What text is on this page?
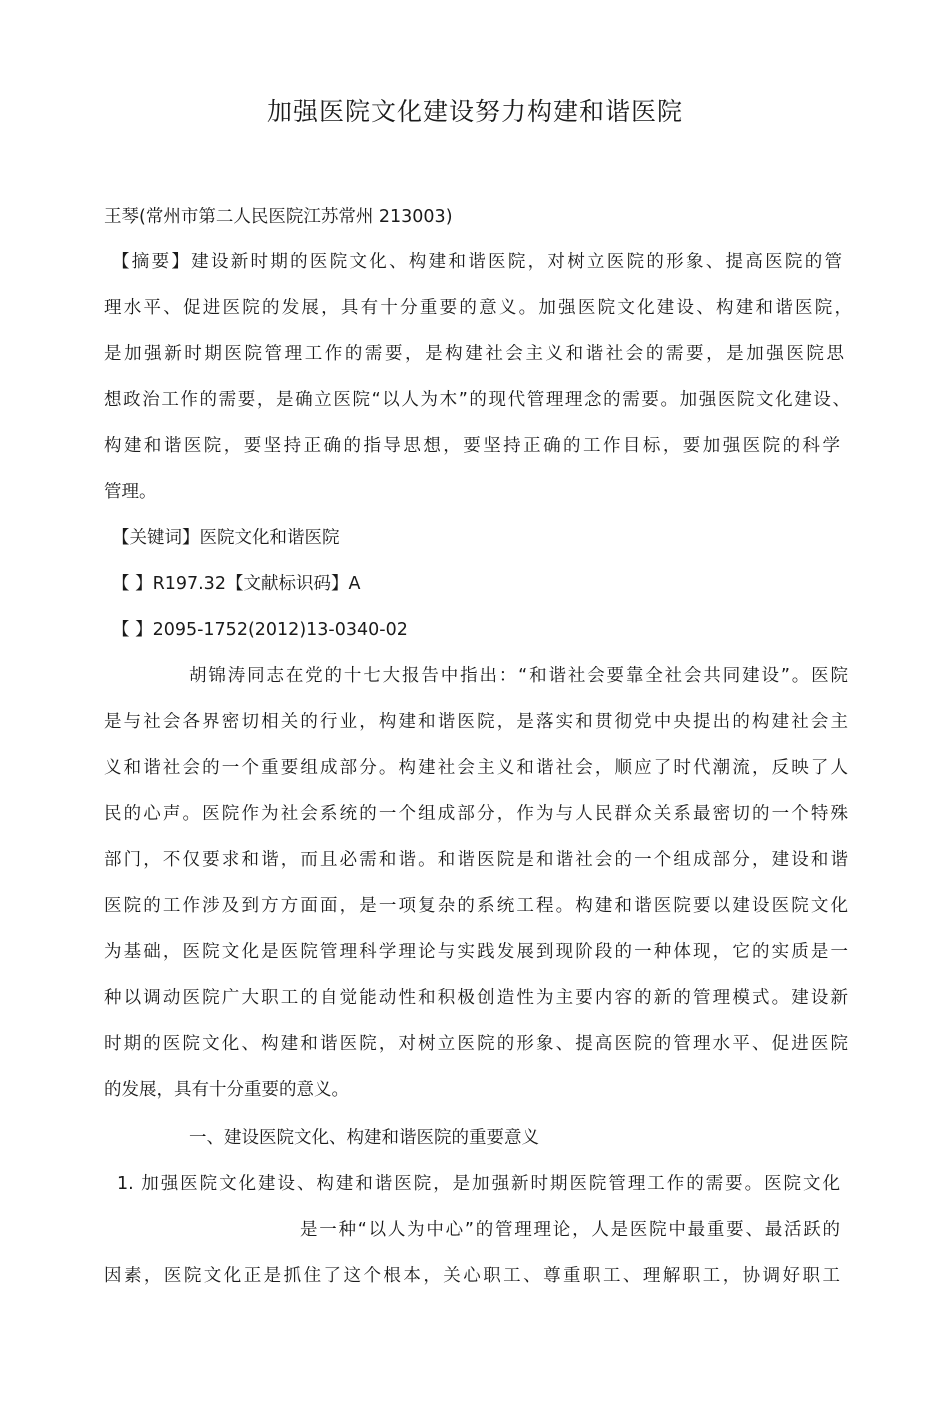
加强医院文化建设努力构建和谐医院
王琴(常州市第二人民医院江苏常州 213003)
【摘要】建设新时期的医院文化、构建和谐医院，对树立医院的形象、提高医院的管
理水平、促进医院的发展，具有十分重要的意义。加强医院文化建设、构建和谐医院，
是加强新时期医院管理工作的需要，是构建社会主义和谐社会的需要，是加强医院思
想政治工作的需要，是确立医院“以人为木”的现代管理理念的需要。加强医院文化建设、
构建和谐医院，要坚持正确的指导思想，要坚持正确的工作目标，要加强医院的科学
管理。
【关键词】医院文化和谐医院
【 】R197.32【文献标识码】A
【 】2095-1752(2012)13-0340-02
胡锦涛同志在党的十七大报告中指出：“和谐社会要靠全社会共同建设”。医院
是与社会各界密切相关的行业，构建和谐医院，是落实和贯彻党中央提出的构建社会主
义和谐社会的一个重要组成部分。构建社会主义和谐社会，顺应了时代潮流，反映了人
民的心声。医院作为社会系统的一个组成部分，作为与人民群众关系最密切的一个特殊
部门，不仅要求和谐，而且必需和谐。和谐医院是和谐社会的一个组成部分，建设和谐
医院的工作涉及到方方面面，是一项复杂的系统工程。构建和谐医院要以建设医院文化
为基础，医院文化是医院管理科学理论与实践发展到现阶段的一种体现，它的实质是一
种以调动医院广大职工的自觉能动性和积极创造性为主要内容的新的管理模式。建设新
时期的医院文化、构建和谐医院，对树立医院的形象、提高医院的管理水平、促进医院
的发展，具有十分重要的意义。
一、建设医院文化、构建和谐医院的重要意义
1. 加强医院文化建设、构建和谐医院，是加强新时期医院管理工作的需要。医院文化
是一种“以人为中心”的管理理论，人是医院中最重要、最活跃的
因素，医院文化正是抓住了这个根本，关心职工、尊重职工、理解职工，协调好职工
